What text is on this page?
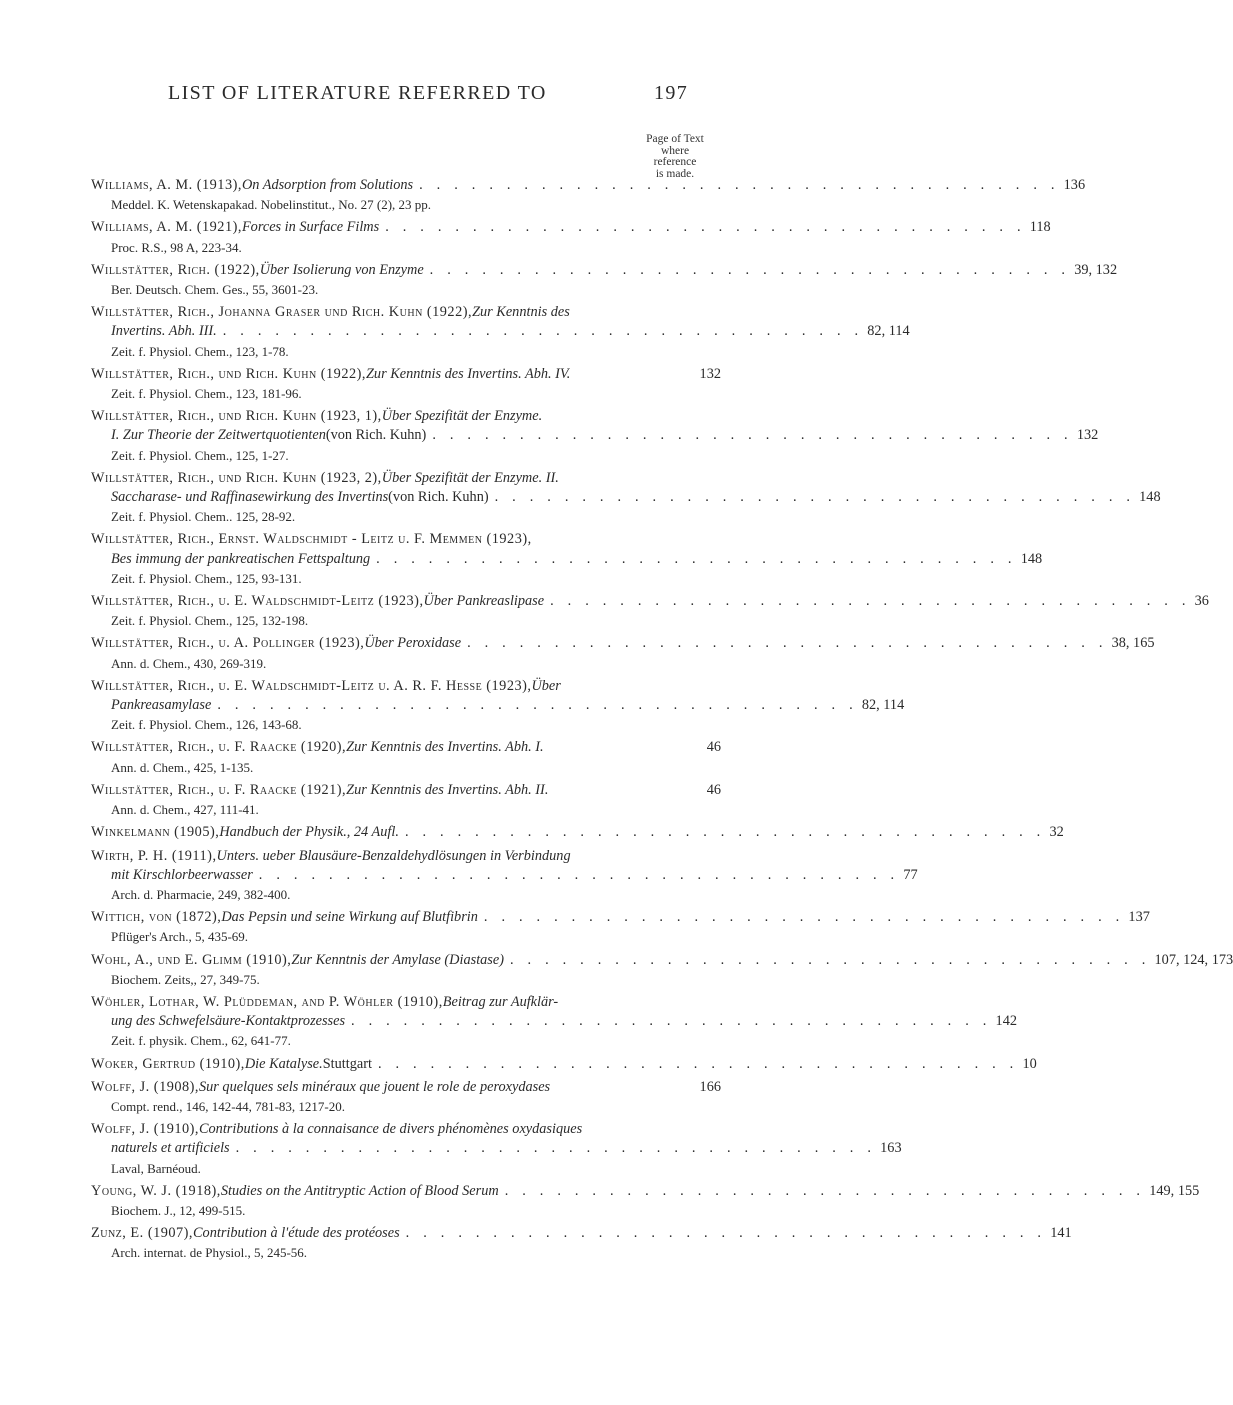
LIST OF LITERATURE REFERRED TO	197
Page of Text
where
reference
is made.
Williams, A. M. (1913), On Adsorption from Solutions . . . . . . . . . . . . . . . . . . . . . . . . . . . . . . . . . . . . . 136
Meddel. K. Wetenskapakad. Nobelinstitut., No. 27 (2), 23 pp.
Williams, A. M. (1921), Forces in Surface Films . . . . . . . . . . . . . . . . . . . . . . . . . . . . . . . . . . . . . 118
Proc. R.S., 98 A, 223-34.
Willstätter, Rich. (1922), Über Isolierung von Enzyme . . . . . . . . . . . . . . . . . . . . . . . . . . . . . . . . . . . . . 39, 132
Ber. Deutsch. Chem. Ges., 55, 3601-23.
Willstätter, Rich., Johanna Graser und Rich. Kuhn (1922), Zur Kenntnis des
Invertins. Abh. III. . . . . . . . . . . . . . . . . . . . . . . . . . . . . . . . . . . . . . 82, 114
Zeit. f. Physiol. Chem., 123, 1-78.
Willstätter, Rich., und Rich. Kuhn (1922), Zur Kenntnis des Invertins. Abh. IV.	132
Zeit. f. Physiol. Chem., 123, 181-96.
Willstätter, Rich., und Rich. Kuhn (1923, 1), Über Spezifität der Enzyme.
I. Zur Theorie der Zeitwertquotienten (von Rich. Kuhn) . . . . . . . . . . . . . . . . . . . . . . . . . . . . . . . . . . . . . 132
Zeit. f. Physiol. Chem., 125, 1-27.
Willstätter, Rich., und Rich. Kuhn (1923, 2), Über Spezifität der Enzyme. II.
Saccharase- und Raffinasewirkung des Invertins (von Rich. Kuhn) . . . . . . . . . . . . . . . . . . . . . . . . . . . . . . . . . . . . . 148
Zeit. f. Physiol. Chem.. 125, 28-92.
Willstätter, Rich., Ernst. Waldschmidt - Leitz u. F. Memmen (1923),
Bes immung der pankreatischen Fettspaltung . . . . . . . . . . . . . . . . . . . . . . . . . . . . . . . . . . . . . 148
Zeit. f. Physiol. Chem., 125, 93-131.
Willstätter, Rich., u. E. Waldschmidt-Leitz (1923), Über Pankreaslipase . . . . . . . . . . . . . . . . . . . . . . . . . . . . . . . . . . . . . 36
Zeit. f. Physiol. Chem., 125, 132-198.
Willstätter, Rich., u. A. Pollinger (1923), Über Peroxidase . . . . . . . . . . . . . . . . . . . . . . . . . . . . . . . . . . . . . 38, 165
Ann. d. Chem., 430, 269-319.
Willstätter, Rich., u. E. Waldschmidt-Leitz u. A. R. F. Hesse (1923), Über
Pankreasamylase . . . . . . . . . . . . . . . . . . . . . . . . . . . . . . . . . . . . . 82, 114
Zeit. f. Physiol. Chem., 126, 143-68.
Willstätter, Rich., u. F. Raacke (1920), Zur Kenntnis des Invertins. Abh. I.	46
Ann. d. Chem., 425, 1-135.
Willstätter, Rich., u. F. Raacke (1921), Zur Kenntnis des Invertins. Abh. II.	46
Ann. d. Chem., 427, 111-41.
Winkelmann (1905), Handbuch der Physik., 24 Aufl. . . . . . . . . . . . . . . . . . . . . . . . . . . . . . . . . . . . . . 32
Wirth, P. H. (1911), Unters. ueber Blausäure-Benzaldehydlösungen in Verbindung
mit Kirschlorbeerwasser . . . . . . . . . . . . . . . . . . . . . . . . . . . . . . . . . . . . . 77
Arch. d. Pharmacie, 249, 382-400.
Wittich, von (1872), Das Pepsin und seine Wirkung auf Blutfibrin . . . . . . . . . . . . . . . . . . . . . . . . . . . . . . . . . . . . . 137
Pflüger's Arch., 5, 435-69.
Wohl, A., und E. Glimm (1910), Zur Kenntnis der Amylase (Diastase) . . . . . . . . . . . . . . . . . . . . . . . . . . . . . . . . . . . . . 107, 124, 173
Biochem. Zeits,, 27, 349-75.
Wöhler, Lothar, W. Plüddeman, and P. Wöhler (1910), Beitrag zur Aufklär-
ung des Schwefelsäure-Kontaktprozesses . . . . . . . . . . . . . . . . . . . . . . . . . . . . . . . . . . . . . 142
Zeit. f. physik. Chem., 62, 641-77.
Woker, Gertrud (1910), Die Katalyse. Stuttgart . . . . . . . . . . . . . . . . . . . . . . . . . . . . . . . . . . . . . 10
Wolff, J. (1908), Sur quelques sels minéraux que jouent le role de peroxydases	166
Compt. rend., 146, 142-44, 781-83, 1217-20.
Wolff, J. (1910), Contributions à la connaisance de divers phénomènes oxydasiques
naturels et artificiels . . . . . . . . . . . . . . . . . . . . . . . . . . . . . . . . . . . . . 163
Laval, Barnéoud.
Young, W. J. (1918), Studies on the Antitryptic Action of Blood Serum . . . . . . . . . . . . . . . . . . . . . . . . . . . . . . . . . . . . . 149, 155
Biochem. J., 12, 499-515.
Zunz, E. (1907), Contribution à l'étude des protéoses . . . . . . . . . . . . . . . . . . . . . . . . . . . . . . . . . . . . . 141
Arch. internat. de Physiol., 5, 245-56.
